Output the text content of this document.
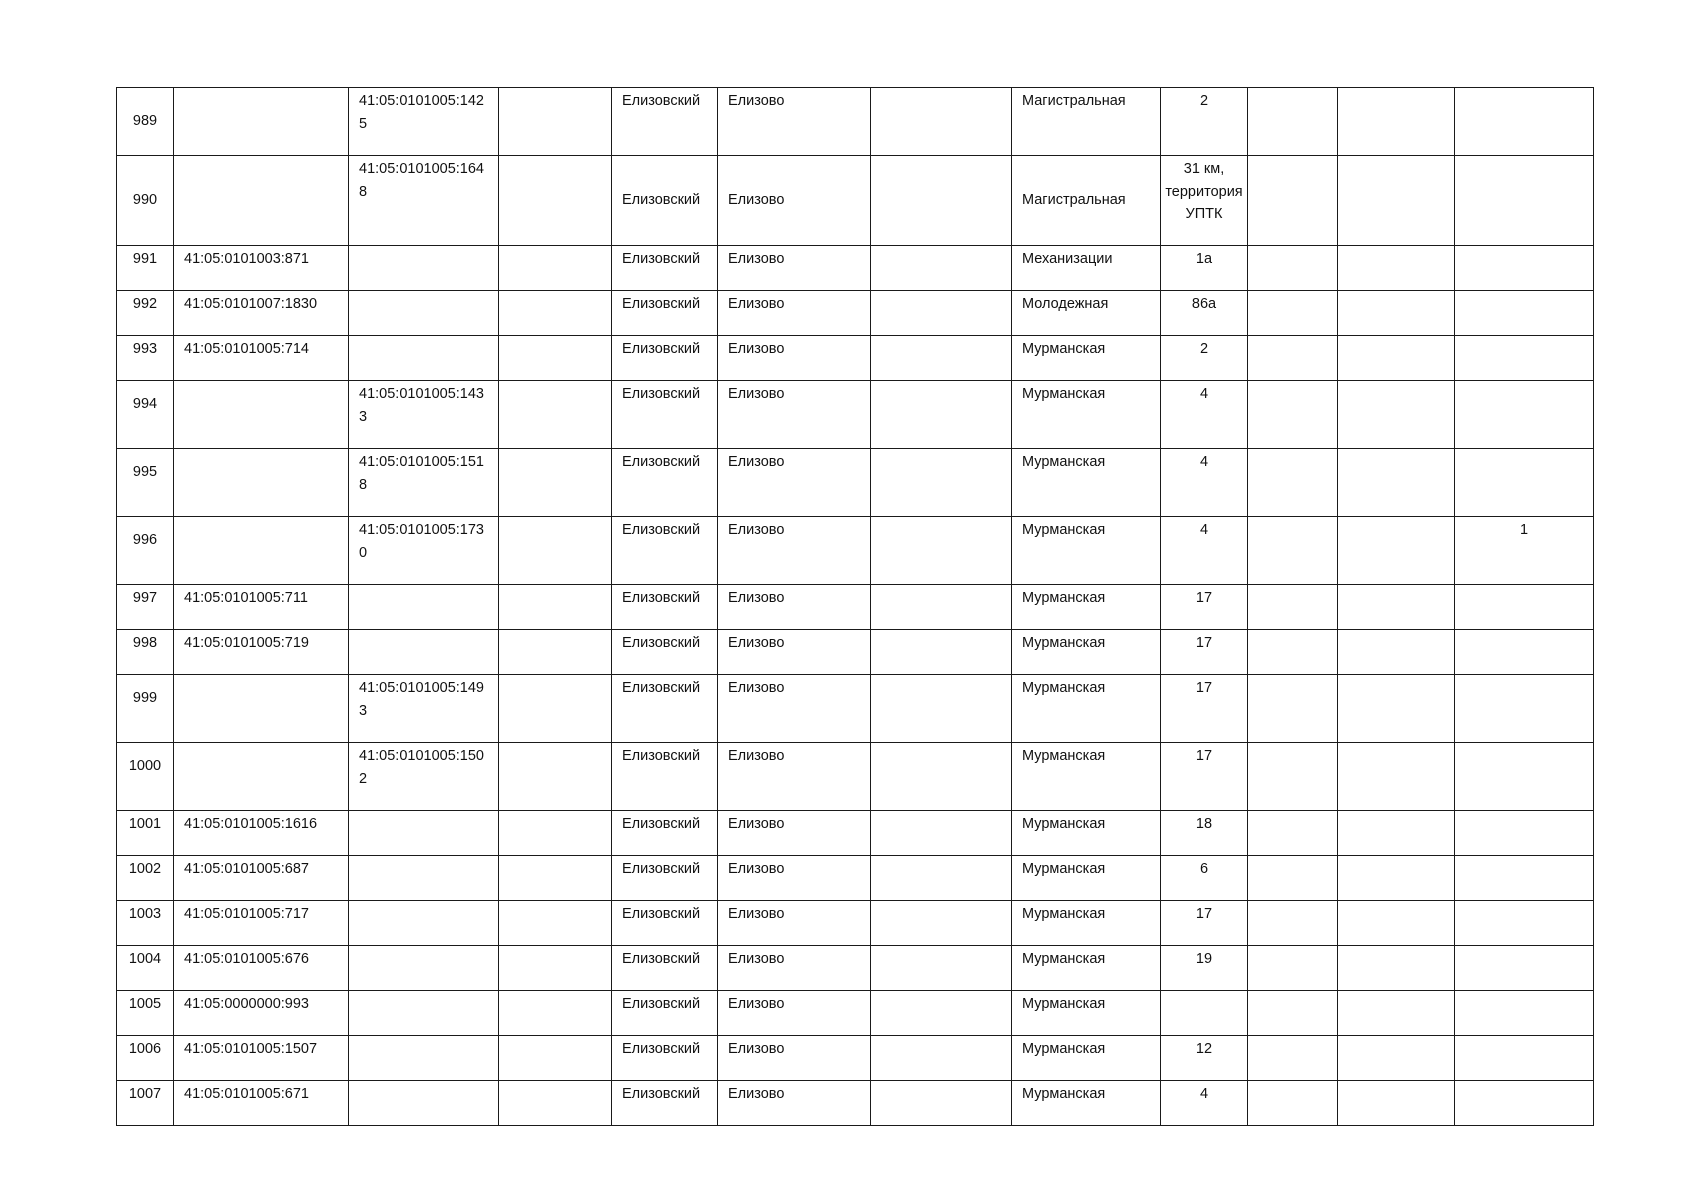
989		41:05:0101005:1425		Елизовский	Елизово		Магистральная	2			
990		41:05:0101005:1648		Елизовский	Елизово		Магистральная	31 км, территория УПТК			
991	41:05:0101003:871			Елизовский	Елизово		Механизации	1а			
992	41:05:0101007:1830			Елизовский	Елизово		Молодежная	86а			
993	41:05:0101005:714			Елизовский	Елизово		Мурманская	2			
994		41:05:0101005:1433		Елизовский	Елизово		Мурманская	4			
995		41:05:0101005:1518		Елизовский	Елизово		Мурманская	4			
996		41:05:0101005:1730		Елизовский	Елизово		Мурманская	4			1
997	41:05:0101005:711			Елизовский	Елизово		Мурманская	17			
998	41:05:0101005:719			Елизовский	Елизово		Мурманская	17			
999		41:05:0101005:1493		Елизовский	Елизово		Мурманская	17			
1000		41:05:0101005:1502		Елизовский	Елизово		Мурманская	17			
1001	41:05:0101005:1616			Елизовский	Елизово		Мурманская	18			
1002	41:05:0101005:687			Елизовский	Елизово		Мурманская	6			
1003	41:05:0101005:717			Елизовский	Елизово		Мурманская	17			
1004	41:05:0101005:676			Елизовский	Елизово		Мурманская	19			
1005	41:05:0000000:993			Елизовский	Елизово		Мурманская				
1006	41:05:0101005:1507			Елизовский	Елизово		Мурманская	12			
1007	41:05:0101005:671			Елизовский	Елизово		Мурманская	4			
